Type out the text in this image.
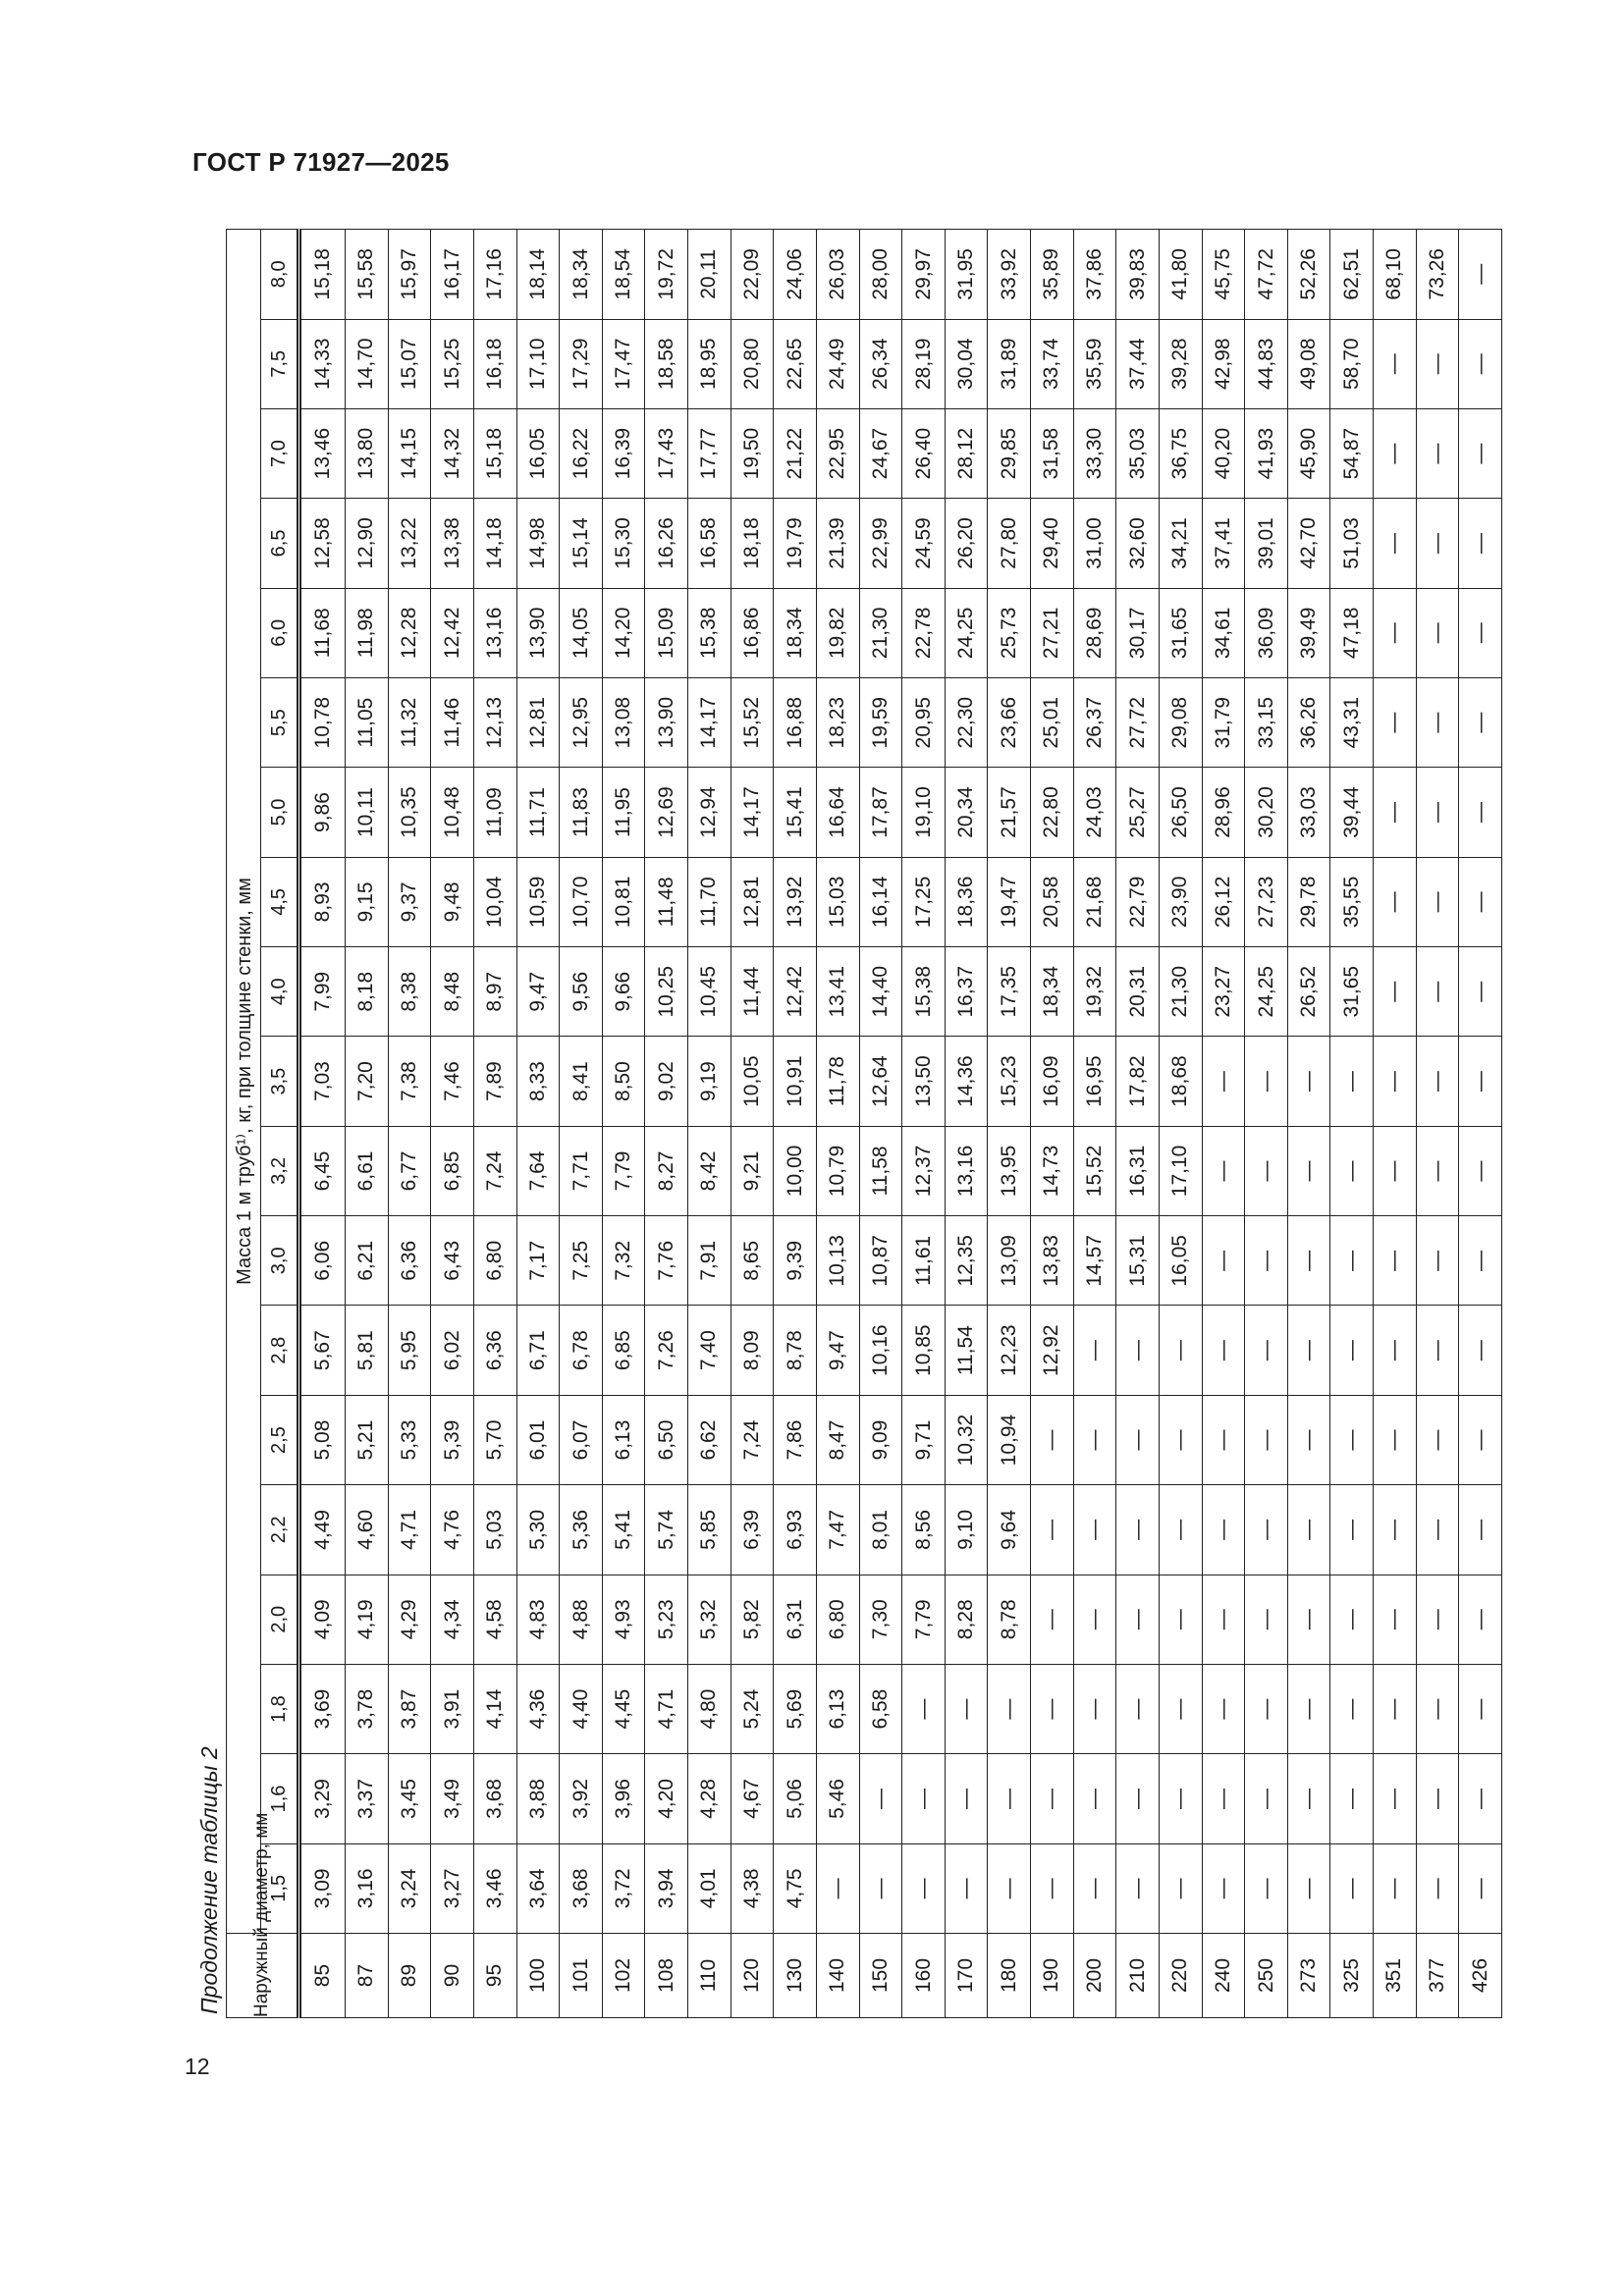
ГОСТ Р 71927—2025
Продолжение таблицы 2 Наружный диаметр, мм	Масса 1 м труб¹⁾, кг, при толщине стенки, мм																		
	1,5	1,6	1,8	2,0	2,2	2,5	2,8	3,0	3,2	3,5	4,0	4,5	5,0	5,5	6,0	6,5	7,0	7,5	8,0
85	3,09	3,29	3,69	4,09	4,49	5,08	5,67	6,06	6,45	7,03	7,99	8,93	9,86	10,78	11,68	12,58	13,46	14,33	15,18
87	3,16	3,37	3,78	4,19	4,60	5,21	5,81	6,21	6,61	7,20	8,18	9,15	10,11	11,05	11,98	12,90	13,80	14,70	15,58
89	3,24	3,45	3,87	4,29	4,71	5,33	5,95	6,36	6,77	7,38	8,38	9,37	10,35	11,32	12,28	13,22	14,15	15,07	15,97
90	3,27	3,49	3,91	4,34	4,76	5,39	6,02	6,43	6,85	7,46	8,48	9,48	10,48	11,46	12,42	13,38	14,32	15,25	16,17
95	3,46	3,68	4,14	4,58	5,03	5,70	6,36	6,80	7,24	7,89	8,97	10,04	11,09	12,13	13,16	14,18	15,18	16,18	17,16
100	3,64	3,88	4,36	4,83	5,30	6,01	6,71	7,17	7,64	8,33	9,47	10,59	11,71	12,81	13,90	14,98	16,05	17,10	18,14
101	3,68	3,92	4,40	4,88	5,36	6,07	6,78	7,25	7,71	8,41	9,56	10,70	11,83	12,95	14,05	15,14	16,22	17,29	18,34
102	3,72	3,96	4,45	4,93	5,41	6,13	6,85	7,32	7,79	8,50	9,66	10,81	11,95	13,08	14,20	15,30	16,39	17,47	18,54
108	3,94	4,20	4,71	5,23	5,74	6,50	7,26	7,76	8,27	9,02	10,25	11,48	12,69	13,90	15,09	16,26	17,43	18,58	19,72
110	4,01	4,28	4,80	5,32	5,85	6,62	7,40	7,91	8,42	9,19	10,45	11,70	12,94	14,17	15,38	16,58	17,77	18,95	20,11
120	4,38	4,67	5,24	5,82	6,39	7,24	8,09	8,65	9,21	10,05	11,44	12,81	14,17	15,52	16,86	18,18	19,50	20,80	22,09
130	4,75	5,06	5,69	6,31	6,93	7,86	8,78	9,39	10,00	10,91	12,42	13,92	15,41	16,88	18,34	19,79	21,22	22,65	24,06
140	—	5,46	6,13	6,80	7,47	8,47	9,47	10,13	10,79	11,78	13,41	15,03	16,64	18,23	19,82	21,39	22,95	24,49	26,03
150	—	—	6,58	7,30	8,01	9,09	10,16	10,87	11,58	12,64	14,40	16,14	17,87	19,59	21,30	22,99	24,67	26,34	28,00
160	—	—	—	7,79	8,56	9,71	10,85	11,61	12,37	13,50	15,38	17,25	19,10	20,95	22,78	24,59	26,40	28,19	29,97
170	—	—	—	8,28	9,10	10,32	11,54	12,35	13,16	14,36	16,37	18,36	20,34	22,30	24,25	26,20	28,12	30,04	31,95
180	—	—	—	8,78	9,64	10,94	12,23	13,09	13,95	15,23	17,35	19,47	21,57	23,66	25,73	27,80	29,85	31,89	33,92
190	—	—	—	—	—	—	12,92	13,83	14,73	16,09	18,34	20,58	22,80	25,01	27,21	29,40	31,58	33,74	35,89
200	—	—	—	—	—	—	—	14,57	15,52	16,95	19,32	21,68	24,03	26,37	28,69	31,00	33,30	35,59	37,86
210	—	—	—	—	—	—	—	15,31	16,31	17,82	20,31	22,79	25,27	27,72	30,17	32,60	35,03	37,44	39,83
220	—	—	—	—	—	—	—	16,05	17,10	18,68	21,30	23,90	26,50	29,08	31,65	34,21	36,75	39,28	41,80
240	—	—	—	—	—	—	—	—	—	—	23,27	26,12	28,96	31,79	34,61	37,41	40,20	42,98	45,75
250	—	—	—	—	—	—	—	—	—	—	24,25	27,23	30,20	33,15	36,09	39,01	41,93	44,83	47,72
273	—	—	—	—	—	—	—	—	—	—	26,52	29,78	33,03	36,26	39,49	42,70	45,90	49,08	52,26
325	—	—	—	—	—	—	—	—	—	—	31,65	35,55	39,44	43,31	47,18	51,03	54,87	58,70	62,51
351	—	—	—	—	—	—	—	—	—	—	—	—	—	—	—	—	—	—	68,10
377	—	—	—	—	—	—	—	—	—	—	—	—	—	—	—	—	—	—	73,26
426	—	—	—	—	—	—	—	—	—	—	—	—	—	—	—	—	—	—	—
12
